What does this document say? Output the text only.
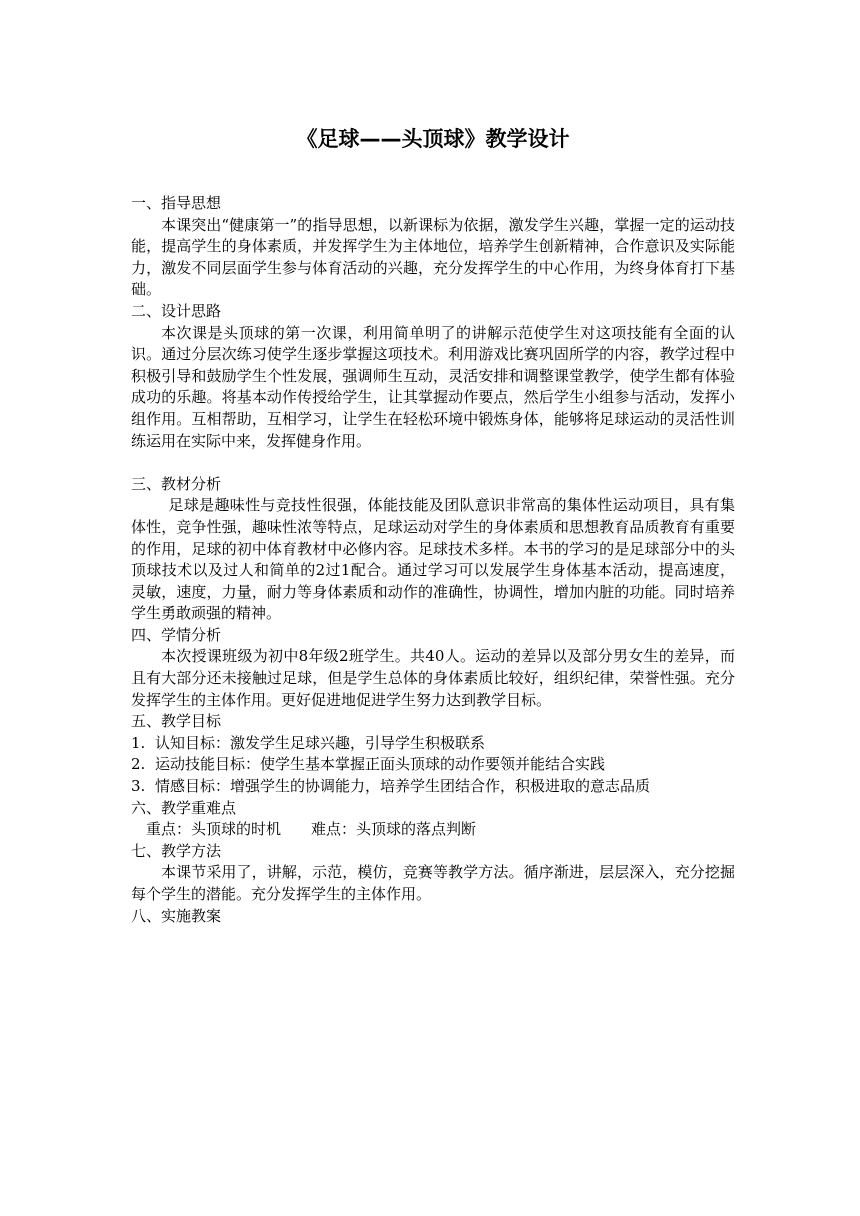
《足球——头顶球》教学设计
一、指导思想
本课突出“健康第一”的指导思想，以新课标为依据，激发学生兴趣，掌握一定的运动技能，提高学生的身体素质，并发挥学生为主体地位，培养学生创新精神，合作意识及实际能力，激发不同层面学生参与体育活动的兴趣，充分发挥学生的中心作用，为终身体育打下基础。
二、设计思路
本次课是头顶球的第一次课，利用简单明了的讲解示范使学生对这项技能有全面的认识。通过分层次练习使学生逐步掌握这项技术。利用游戏比赛巩固所学的内容，教学过程中积极引导和鼓励学生个性发展，强调师生互动，灵活安排和调整课堂教学，使学生都有体验成功的乐趣。将基本动作传授给学生，让其掌握动作要点，然后学生小组参与活动，发挥小组作用。互相帮助，互相学习，让学生在轻松环境中锻炼身体，能够将足球运动的灵活性训练运用在实际中来，发挥健身作用。
三、教材分析
足球是趣味性与竞技性很强，体能技能及团队意识非常高的集体性运动项目，具有集体性，竞争性强，趣味性浓等特点，足球运动对学生的身体素质和思想教育品质教育有重要的作用，足球的初中体育教材中必修内容。足球技术多样。本书的学习的是足球部分中的头顶球技术以及过人和简单的2过1配合。通过学习可以发展学生身体基本活动，提高速度，灵敏，速度，力量，耐力等身体素质和动作的准确性，协调性，增加内脏的功能。同时培养学生勇敢顽强的精神。
四、学情分析
本次授课班级为初中8年级2班学生。共40人。运动的差异以及部分男女生的差异，而且有大部分还未接触过足球，但是学生总体的身体素质比较好，组织纪律，荣誉性强。充分发挥学生的主体作用。更好促进地促进学生努力达到教学目标。
五、教学目标
1. 认知目标：激发学生足球兴趣，引导学生积极联系
2. 运动技能目标：使学生基本掌握正面头顶球的动作要领并能结合实践
3. 情感目标：增强学生的协调能力，培养学生团结合作，积极进取的意志品质
六、教学重难点
重点：头顶球的时机 难点：头顶球的落点判断
七、教学方法
本课节采用了，讲解，示范，模仿，竞赛等教学方法。循序渐进，层层深入，充分挖掘每个学生的潜能。充分发挥学生的主体作用。
八、实施教案
